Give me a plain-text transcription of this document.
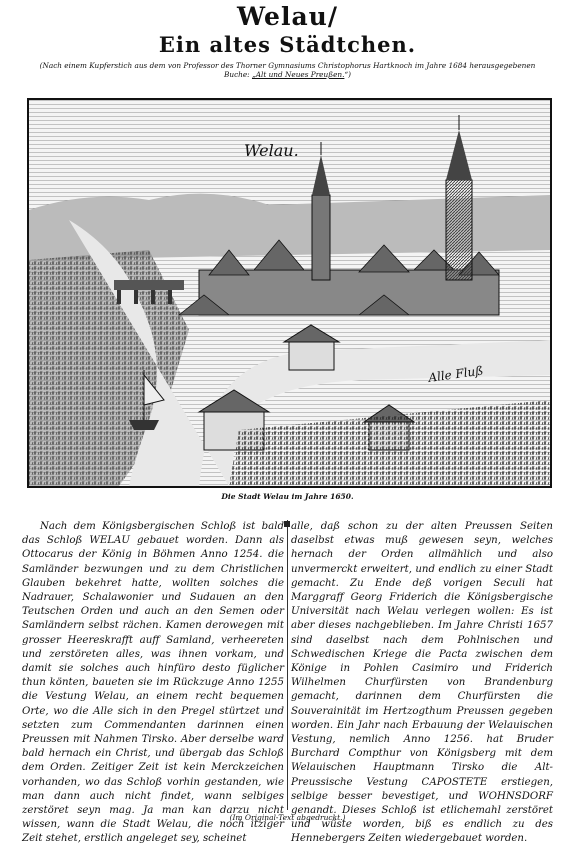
Welau/
Ein altes Städtchen.
(Nach einem Kupferstich aus dem von Professor des Thorner Gymnasiums Christophorus Hartknoch im Jahre 1684 herausgegebenen Buche: „Alt und Neues Preußen.“)
Welau.
Alle Fluß
Die Stadt Welau im Jahre 1650.

Nach dem Königsbergischen Schloß ist bald das Schloß WELAU gebauet worden. Dann als Ottocarus der König in Böhmen Anno 1254. die Samländer bezwungen und zu dem Christlichen Glauben bekehret hatte, wollten solches die Nadrauer, Schalawonier und Sudauen an den Teutschen Orden und auch an den Semen oder Samländern selbst rächen. Kamen derowegen mit grosser Heereskrafft auff Samland, verheereten und zerstöreten alles, was ihnen vorkam, und damit sie solches auch hinfüro desto füglicher thun könten, baueten sie im Rückzuge Anno 1255 die Vestung Welau, an einem recht bequemen Orte, wo die Alle sich in den Pregel stürtzet und setzten zum Commendanten darinnen einen Preussen mit Nahmen Tirsko. Aber derselbe ward bald hernach ein Christ, und übergab das Schloß dem Orden. Zeitiger Zeit ist kein Merckzeichen vorhanden, wo das Schloß vorhin gestanden, wie man dann auch nicht findet, wann selbiges zerstöret seyn mag. Ja man kan darzu nicht wissen, wann die Stadt Welau, die noch itziger Zeit stehet, erstlich angeleget sey, scheinet

alle, daß schon zu der alten Preussen Seiten daselbst etwas muß gewesen seyn, welches hernach der Orden allmählich und also unvermerckt erweitert, und endlich zu einer Stadt gemacht. Zu Ende deß vorigen Seculi hat Marggraff Georg Friderich die Königsbergische Universität nach Welau verlegen wollen: Es ist aber dieses nachgeblieben. Im Jahre Christi 1657 sind daselbst nach dem Pohlnischen und Schwedischen Kriege die Pacta zwischen dem Könige in Pohlen Casimiro und Friderich Wilhelmen Churfürsten von Brandenburg gemacht, darinnen dem Churfürsten die Souverainität im Hertzogthum Preussen gegeben worden. Ein Jahr nach Erbauung der Welauischen Vestung, nemlich Anno 1256. hat Bruder Burchard Compthur von Königsberg mit dem Welauischen Hauptmann Tirsko die Alt-Preussische Vestung CAPOSTETE erstiegen, selbige besser bevestiget, und WOHNSDORF genandt. Dieses Schloß ist etlichemahl zerstöret und wüste worden, biß es endlich zu des Hennebergers Zeiten wiedergebauet worden.

(Im Original-Text abgedruckt.)
